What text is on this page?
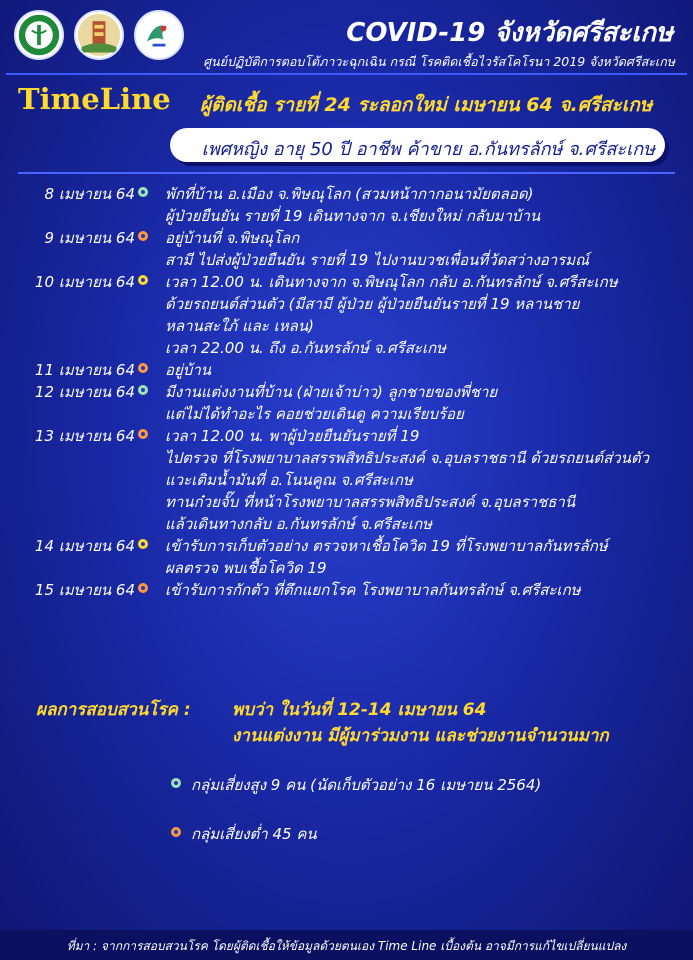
COVID-19 จังหวัดศรีสะเกษ
ศูนย์ปฏิบัติการตอบโต้ภาวะฉุกเฉิน กรณี โรคติดเชื้อไวรัสโคโรนา 2019 จังหวัดศรีสะเกษ
TimeLine ผู้ติดเชื้อ รายที่ 24 ระลอกใหม่ เมษายน 64 จ.ศรีสะเกษ
เพศหญิง อายุ 50 ปี อาชีพ ค้าขาย อ.กันทรลักษ์ จ.ศรีสะเกษ
8 เมษายน 64 พักที่บ้าน อ.เมือง จ.พิษณุโลก (สวมหน้ากากอนามัยตลอด)
ผู้ป่วยยืนยัน รายที่ 19 เดินทางจาก จ.เชียงใหม่ กลับมาบ้าน
9 เมษายน 64 อยู่บ้านที่ จ.พิษณุโลก
สามี ไปส่งผู้ป่วยยืนยัน รายที่ 19 ไปงานบวชเพื่อนที่วัดสว่างอารมณ์
10 เมษายน 64 เวลา 12.00 น. เดินทางจาก จ.พิษณุโลก กลับ อ.กันทรลักษ์ จ.ศรีสะเกษ
ด้วยรถยนต์ส่วนตัว (มีสามี ผู้ป่วย ผู้ป่วยยืนยันรายที่ 19 หลานชาย
หลานสะใภ้ และ เหลน)
เวลา 22.00 น. ถึง อ.กันทรลักษ์ จ.ศรีสะเกษ
11 เมษายน 64 อยู่บ้าน
12 เมษายน 64 มีงานแต่งงานที่บ้าน (ฝ่ายเจ้าบ่าว) ลูกชายของพี่ชาย
แต่ไม่ได้ทำอะไร คอยช่วยเดินดู ความเรียบร้อย
13 เมษายน 64 เวลา 12.00 น. พาผู้ป่วยยืนยันรายที่ 19
ไปตรวจ ที่โรงพยาบาลสรรพสิทธิประสงค์ จ.อุบลราชธานี ด้วยรถยนต์ส่วนตัว
แวะเติมน้ำมันที่ อ.โนนคูณ จ.ศรีสะเกษ
ทานก๋วยจั๊บ ที่หน้าโรงพยาบาลสรรพสิทธิประสงค์ จ.อุบลราชธานี
แล้วเดินทางกลับ อ.กันทรลักษ์ จ.ศรีสะเกษ
14 เมษายน 64 เข้ารับการเก็บตัวอย่าง ตรวจหาเชื้อโควิด 19 ที่โรงพยาบาลกันทรลักษ์
ผลตรวจ พบเชื้อโควิด 19
15 เมษายน 64 เข้ารับการกักตัว ที่ตึกแยกโรค โรงพยาบาลกันทรลักษ์ จ.ศรีสะเกษ
ผลการสอบสวนโรค : พบว่า ในวันที่ 12-14 เมษายน 64
งานแต่งงาน มีผู้มาร่วมงาน และช่วยงานจำนวนมาก
กลุ่มเสี่ยงสูง 9 คน (นัดเก็บตัวอย่าง 16 เมษายน 2564)
กลุ่มเสี่ยงต่ำ 45 คน
ที่มา : จากการสอบสวนโรค โดยผู้ติดเชื้อให้ข้อมูลด้วยตนเอง Time Line เบื้องต้น อาจมีการแก้ไขเปลี่ยนแปลง
